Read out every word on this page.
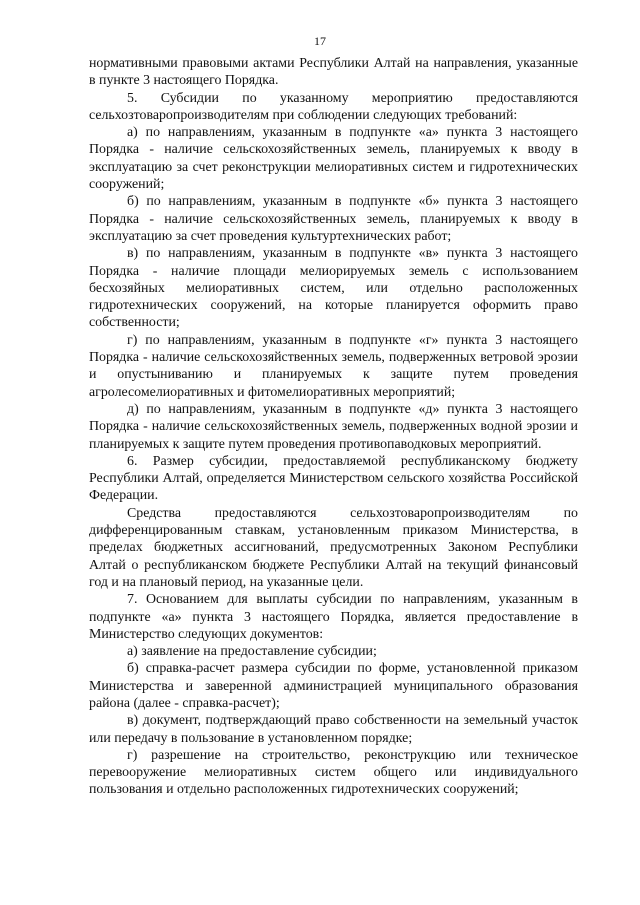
17

нормативными правовыми актами Республики Алтай на направления, указанные в пункте 3 настоящего Порядка.

5. Субсидии по указанному мероприятию предоставляются сельхозтоваропроизводителям при соблюдении следующих требований:

а) по направлениям, указанным в подпункте «а» пункта 3 настоящего Порядка - наличие сельскохозяйственных земель, планируемых к вводу в эксплуатацию за счет реконструкции мелиоративных систем и гидротехнических сооружений;

б) по направлениям, указанным в подпункте «б» пункта 3 настоящего Порядка - наличие сельскохозяйственных земель, планируемых к вводу в эксплуатацию за счет проведения культуртехнических работ;

в) по направлениям, указанным в подпункте «в» пункта 3 настоящего Порядка - наличие площади мелиорируемых земель с использованием бесхозяйных мелиоративных систем, или отдельно расположенных гидротехнических сооружений, на которые планируется оформить право собственности;

г) по направлениям, указанным в подпункте «г» пункта 3 настоящего Порядка - наличие сельскохозяйственных земель, подверженных ветровой эрозии и опустыниванию и планируемых к защите путем проведения агролесомелиоративных и фитомелиоративных мероприятий;

д) по направлениям, указанным в подпункте «д» пункта 3 настоящего Порядка - наличие сельскохозяйственных земель, подверженных водной эрозии и планируемых к защите путем проведения противопаводковых мероприятий.

6. Размер субсидии, предоставляемой республиканскому бюджету Республики Алтай, определяется Министерством сельского хозяйства Российской Федерации.

Средства предоставляются сельхозтоваропроизводителям по дифференцированным ставкам, установленным приказом Министерства, в пределах бюджетных ассигнований, предусмотренных Законом Республики Алтай о республиканском бюджете Республики Алтай на текущий финансовый год и на плановый период, на указанные цели.

7. Основанием для выплаты субсидии по направлениям, указанным в подпункте «а» пункта 3 настоящего Порядка, является предоставление в Министерство следующих документов:

а) заявление на предоставление субсидии;

б) справка-расчет размера субсидии по форме, установленной приказом Министерства и заверенной администрацией муниципального образования района (далее - справка-расчет);

в) документ, подтверждающий право собственности на земельный участок или передачу в пользование в установленном порядке;

г) разрешение на строительство, реконструкцию или техническое перевооружение мелиоративных систем общего или индивидуального пользования и отдельно расположенных гидротехнических сооружений;
